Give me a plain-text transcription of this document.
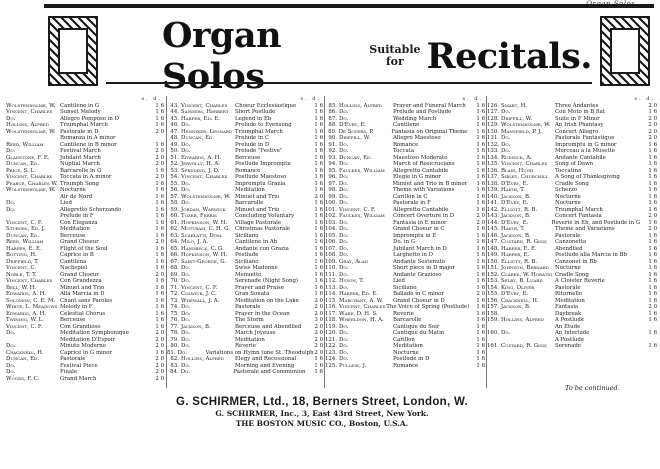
Organ Solos.
Organ Solos
Suitable
for Recitals.
s. d.
Wolstenholme, W. Cantilene in G	1 6
Vincent, Charles	Sunset Melody	1 6
Do.	Allegro Pomposo in D	1 6
Hollins, Alfred	Triumphal March	1 6
Wolstenholme, W. Pastorale in D	2 0
Romanza in A minor
Reed, William	Cantilene in B minor	1 6
Do.	Festival March	2 0
Gladstone, F. E.	Jubilant March	2 0
Duncan, Ed.	Nuptial March	2 0
Price, S. L.	Barcarolle in G	1 6
Vincent, Charles	Toccata in A minor	2 0
Pearce, Charles W. Triumph Song	1 6
Wolstenholme, W. Nocturne	1 6
Air de Nord	1 6
Do.	Lied	1 6
Do.	Allegretto Scherzando	1 6
Prelude in F	1 6
Vincent, C. F.	Con Eleganza	1 6
Sturges, Ed. J.	Meditation	1 6
Duncan, Ed.	Berceuse	1 6
Reed, William	Grand Choeur	2 0
Harper, E. E.	Flight of the Soul	1 6
Botting, H.	Caprice in B	1 6
Driffield, T.	Cantilena	1 6
Vincent, C.	Nachspiel	1 6
Noble, T. T.	Grand Choeur	2 0
Vincent, Charles	Con Grandezza	1 6
Bell, W. H.	Minuet and Trio	1 6
Edwards, A. H.	Alla Marcia in D	1 6
Solomon, C. E. M. Chant sans Paroles	1 6
White, L. Meadows Melody in F	1 6
Edwards, A. H.	Celestial Chorus	1 6
Twining, W. L.	Berceuse	1 6
Vincent, C. F.	Con Grandioso	1 6
Do.	Meditation Symphonique	2 0
Meditation D'Espoir	2 0
Do.	Minuto Moderne	2 0
Cracknell, H.	Caprice in G minor	1 6
Duncan, Ed.	Pastorale	2 0
Do.	Festival Piece	2 0
Do.	Finale	2 0
Woods, F. C.	Grand March	2 0
s. d.
43. Vincent, Charles	Choeur Ecclesiastique	1 6
44. Sanders, Herbert	Short Postlude	1 6
45. Harper, Ed. E.	Legend in Eb	1 6
46. Do.	Prelude to Evensong	1 6
47. Henniker, Leonard Triumphal March	1 6
48. Duncan, Ed.	Prelude in C	1 6
49. Do.	Prelude in D	1 6
50. Do.	Prelude "Festive"	1 6
51. Edwards, A. H.	Berceuse	1 6
52. Jervolly, H. A.	Postlude Impromptu	1 6
53. Spedding, J. D.	Romance	1 6
54. Vincent, Charles	Postlude Maestoso	1 6
55. Do.	Impromptu Grazia	1 6
56. Do.	Meditation	1 6
57. Wolstenholme, W. Minuet and Trio	2 0
58. Do.	Barcarolle	1 6
59. Jordan, Warwick	Minuet and Trio	1 6
60. Tozer, Ferris	Concluding Voluntary	1 6
61. Hopkinson, W. H.	Village Pastorale	1 6
62. Mottram, C. H. G. Christmas Pastorale	1 6
63. Scarlatti, Dom.	Siciliano	1 6
64. Milo, J. A.	Cantilene in Ab	1 6
65. Handbeck, C. G.	Andante con Grazia	1 6
66. Hopkinson, W. H.	Postlude	1 6
67. Saint-George, G.	Siciliano	1 6
68. Do.	Swiss Madonne	1 6
69. Do.	Menuetto	1 6
70. Do.	Serenade (Night Song)	1 6
71. Vincent, C. F.	Prayer and Praise	1 6
72. Colwick, J. C.	Gran Sonata	1 6
73. Whewall, J. A.	Meditation on the Lake	2 0
74. Do.	Pastorale	2 0
75. Do.	Prayer in the Ocean	2 0
76. Do.	The Storm	3 0
77. Jackson, B.	Berceuse and Abendlied	2 0
78. Do.	March Joyeuse	2 0
79. Do.	Meditation	2 0
80. Do.	Reverie	2 0
81. Do.	Variations on Hymn tune St. Theodulph 2 0
82. Hollins, Alfred	Elegy and Recessional	1 6
83. Do.	Morning and Evening	1 6
84. Do.	Pastorale and Communion	1 6
s. d.
85. Hollins, Alfred	Prayer and Funeral March	1 6
86. Do.	Prelude and Postlude	1 6
87. Do.	Wedding March	1 6
88. D'Evry, E.	Cantilene	1 6
89. De Soyers, P.	Fantasia on Original Theme	1 6
90. Driffill, W.	Allegro Maestoso	1 6
91. Do.	Romance	1 6
92. Do.	Toccata	1 6
93. Duncan, Ed.	Maestoso Moderato	1 6
94. Do.	March of Rosicrucians	1 6
95. Faulkes, William	Allegretto Cantabile	1 6
96. Do.	Elegie in G minor	1 6
97. Do.	Minuet and Trio in B minor	1 6
98. Do.	Theme with Variations	1 6
99. Do.	Carillon in C	1 6
100. Do.	Pastorale in F	1 6
101. Vincent, C. F.	Allegretto Cantabile	1 6
102. Faulkes, William	Concert Overture in D	2 0
103. Do.	Fantasia in E minor	2 0
104. Do.	Grand Choeur in C	1 6
105. Do.	Impromptu in E	1 6
106. Do.	Do. in G	1 6
107. Do.	Jubilant March in D	1 6
108. Do.	Larghetto in D	1 6
109. Gray, Alan	Andante Sostenuto	1 6
110. Do.	Short piece in D major	1 6
111. Do.	Andante Grazioso	1 6
112. Hyson, T.	Lied	1 6
113. Do.	Siciliano	1 6
114. Harper, Ed. E.	Ballade in C minor	2 0
115. Marchant, A. W.	Grand Choeur in D	1 6
116. Vincent, Charles The Voice of Spring (Postlude)	1 6
117. Ware, D. H. S.	Reverie	1 6
118. Wheeldon, H. A.	Barcarolle	1 6
119. Do.	Cantique du Soir	1 6
120. Do.	Cantique du Matin	1 6
121. Do.	Carillon	1 6
122. Do.	Meditation	1 6
123. Do.	Nocturne	1 6
124. Do.	Postlude in D	1 6
125. Pullein, J.	Romance	1 6
s. d.
126. Smart, H.	Three Andantes	2 0
127. Do.	Con Moto in B flat	1 6
128. Driffill, W.	Suite in F Minor	2 0
129. Wolstenholme, W. An Irish Phantasy	2 0
130. Mansfield, P. J.	Concert Allegro	2 0
131. Do.	Pastorale Fantastique	2 0
132. Do.	Impromptu in G minor	1 6
133. Do.	Morceau a la Musette	1 6
134. Rudnick, A.	Andante Cantabile	1 6
135. Vincent, Charles	Song of Dawn	1 6
136. Blair, Hugh	Toccatina	1 6
137. Sibley, Churchill	A Song of Thanksgiving	1 6
138. D'Evry, E.	Cradle Song	1 6
139. Haigh, T.	Scherzo	1 6
140. Jackson, B.	Nocturne	1 6
141. D'Evry, E.	Nocturne	1 6
142. Elliott, R. B.	Triumphal March	1 6
143. Jackson, B.	Concert Fantasia	2 0
144. D'Evry, E.	Reverie in Eb, and Postlude in G	1 6
145. Haigh, T.	Theme and Variations	2 0
146. Jackson, B.	Pastorale	1 6
147. Custard, R. Goss	Canzonetta	1 6
148. Harper, E. E.	Abendlied	1 6
149. Harper, E.	Postlude alla Marcia in Bb	1 6
150. Elliott, R. B.	Canzonet in Bb	1 6
151. Johnson, Bernard	Nocturne	1 6
152. Clarke, W. Horatio Cradle Song	1 6
153. Selby, B. Luard	A Cloister Reverie	1 6
154. King, Oliver	Pastorale	1 6
155. D'Evry, E.	Ritornello	1 6
156. Cracknell, H.	Meditation	1 6
157. Jackson, B.	Fantasia	2 0
158.	Daybreak	1 6
159. Hollins, Alfred	A Postlude	1 6
An Etude
160. Do.	An Interlude	1 6
A Postlude
161. Custard, R. Goss	Serenade	1 6
To be continued.
G. SCHIRMER, Ltd., 18, Berners Street, London, W.
G. SCHIRMER, Inc., 3, East 43rd Street, New York.
THE BOSTON MUSIC CO., Boston, U.S.A.
